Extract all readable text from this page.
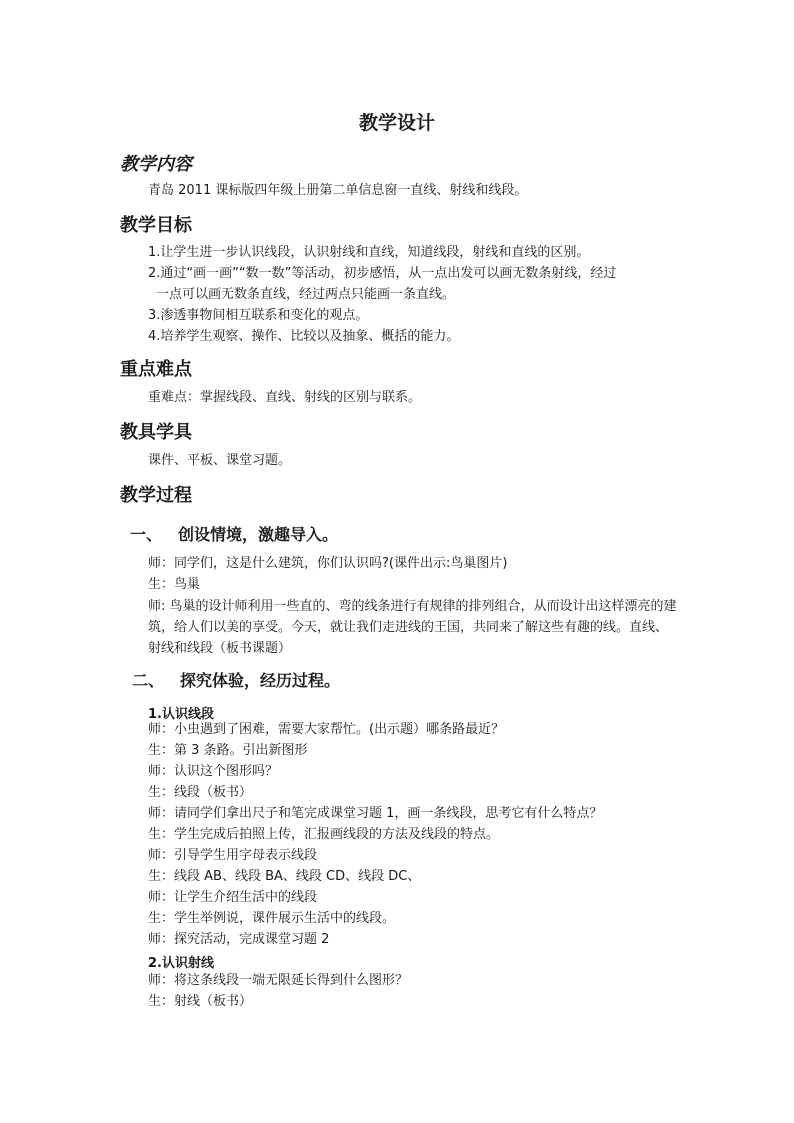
教学设计
教学内容
青岛 2011 课标版四年级上册第二单信息窗一直线、射线和线段。
教学目标
1.让学生进一步认识线段，认识射线和直线，知道线段，射线和直线的区别。
2.通过“画一画”“数一数”等活动，初步感悟，从一点出发可以画无数条射线，经过
一点可以画无数条直线，经过两点只能画一条直线。
3.渗透事物间相互联系和变化的观点。
4.培养学生观察、操作、比较以及抽象、概括的能力。
重点难点
重难点：掌握线段、直线、射线的区别与联系。
教具学具
课件、平板、课堂习题。
教学过程
一、 创设情境，激趣导入。
师：同学们，这是什么建筑，你们认识吗?(课件出示:鸟巢图片)
生：鸟巢
师: 鸟巢的设计师利用一些直的、弯的线条进行有规律的排列组合，从而设计出这样漂亮的建筑，给人们以美的享受。今天，就让我们走进线的王国，共同来了解这些有趣的线。直线、射线和线段（板书课题）
二、 探究体验，经历过程。
1.认识线段
师：小虫遇到了困难，需要大家帮忙。(出示题）哪条路最近？
生：第 3 条路。引出新图形
师：认识这个图形吗？
生：线段（板书）
师：请同学们拿出尺子和笔完成课堂习题 1，画一条线段，思考它有什么特点？
生：学生完成后拍照上传，汇报画线段的方法及线段的特点。
师：引导学生用字母表示线段
生：线段 AB、线段 BA、线段 CD、线段 DC、
师：让学生介绍生活中的线段
生：学生举例说，课件展示生活中的线段。
师：探究活动，完成课堂习题 2
2.认识射线
师：将这条线段一端无限延长得到什么图形？
生：射线（板书）
